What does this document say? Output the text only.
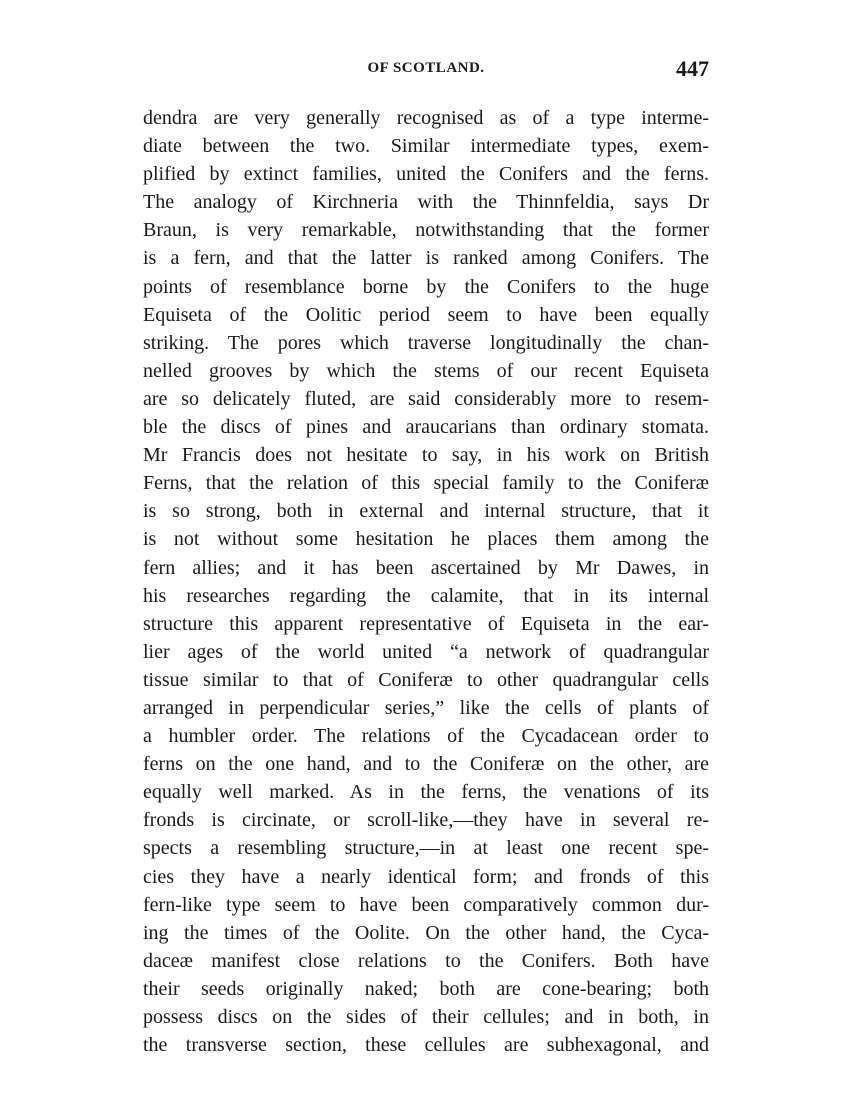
OF SCOTLAND.	447
dendra are very generally recognised as of a type interme-
diate between the two. Similar intermediate types, exem-
plified by extinct families, united the Conifers and the ferns.
The analogy of Kirchneria with the Thinnfeldia, says Dr
Braun, is very remarkable, notwithstanding that the former
is a fern, and that the latter is ranked among Conifers. The
points of resemblance borne by the Conifers to the huge
Equiseta of the Oolitic period seem to have been equally
striking. The pores which traverse longitudinally the chan-
nelled grooves by which the stems of our recent Equiseta
are so delicately fluted, are said considerably more to resem-
ble the discs of pines and araucarians than ordinary stomata.
Mr Francis does not hesitate to say, in his work on British
Ferns, that the relation of this special family to the Coniferæ
is so strong, both in external and internal structure, that it
is not without some hesitation he places them among the
fern allies; and it has been ascertained by Mr Dawes, in
his researches regarding the calamite, that in its internal
structure this apparent representative of Equiseta in the ear-
lier ages of the world united “a network of quadrangular
tissue similar to that of Coniferæ to other quadrangular cells
arranged in perpendicular series,” like the cells of plants of
a humbler order. The relations of the Cycadacean order to
ferns on the one hand, and to the Coniferæ on the other, are
equally well marked. As in the ferns, the venations of its
fronds is circinate, or scroll-like,—they have in several re-
spects a resembling structure,—in at least one recent spe-
cies they have a nearly identical form; and fronds of this
fern-like type seem to have been comparatively common dur-
ing the times of the Oolite. On the other hand, the Cyca-
daceæ manifest close relations to the Conifers. Both have
their seeds originally naked; both are cone-bearing; both
possess discs on the sides of their cellules; and in both, in
the transverse section, these cellules are subhexagonal, and
